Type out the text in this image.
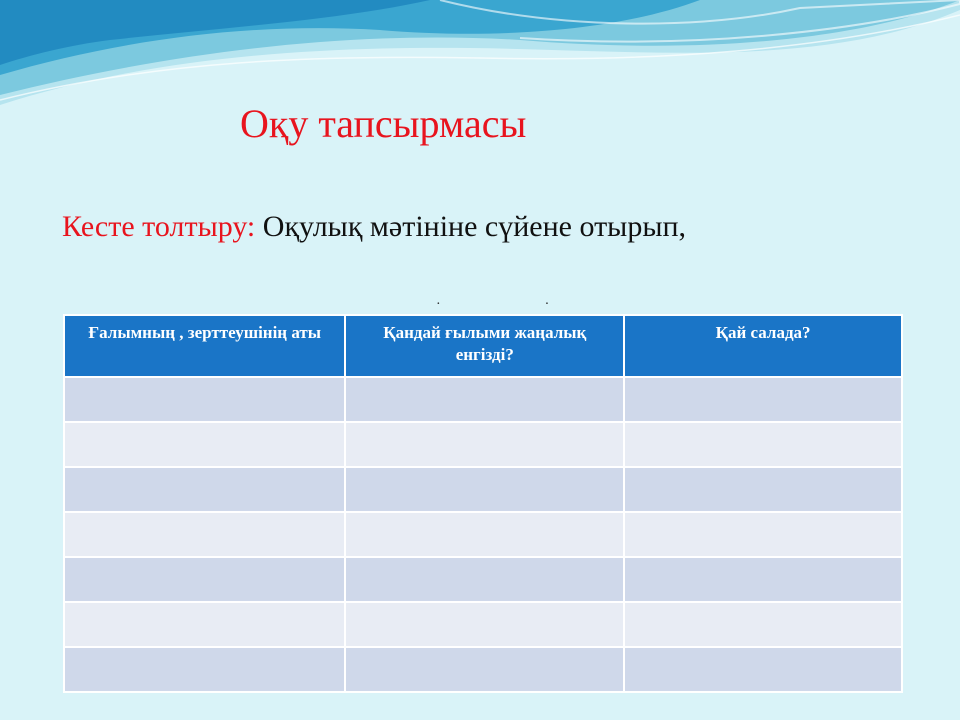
Оқу тапсырмасы
Кесте толтыру: Оқулық мәтініне сүйене отырып,
··
Ғалымның , зерттеушінің аты	Қандай ғылыми жаңалық енгізді?	Қай салада?
